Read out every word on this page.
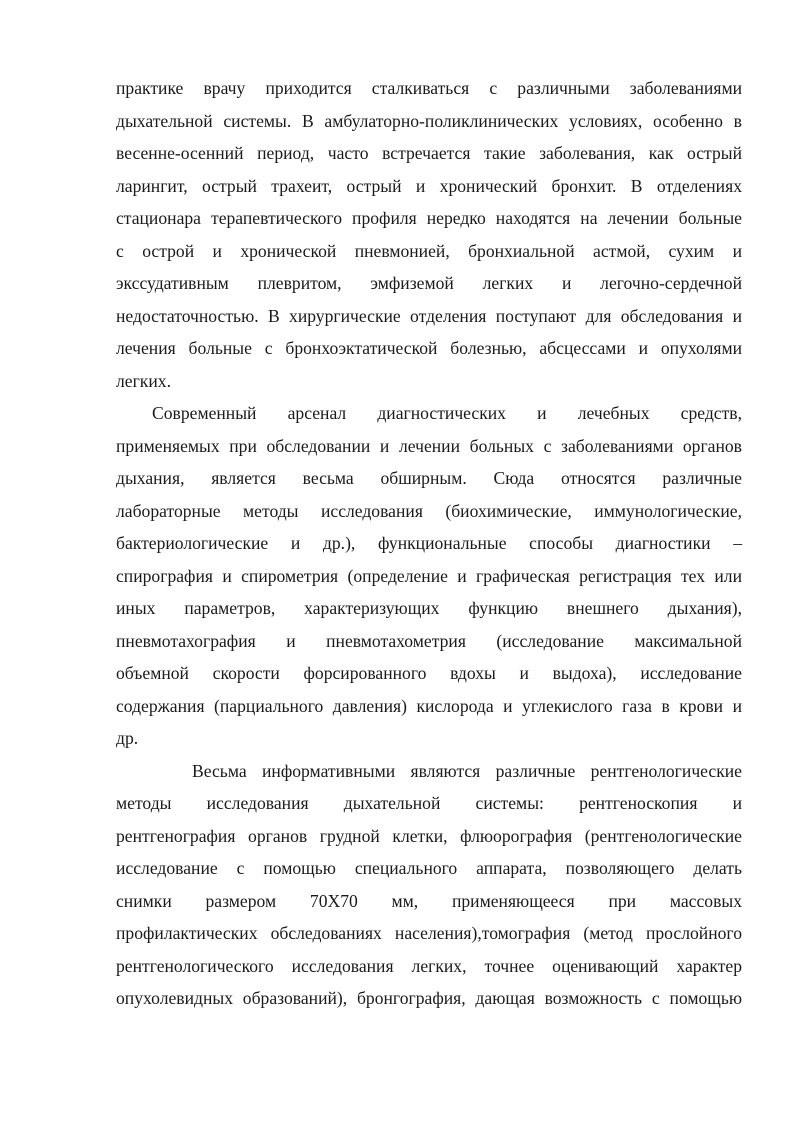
практике врачу приходится сталкиваться с различными заболеваниями
дыхательной системы. В амбулаторно-поликлинических условиях, особенно в
весенне-осенний период, часто встречается такие заболевания, как острый
ларингит, острый трахеит, острый и хронический бронхит. В отделениях
стационара терапевтического профиля нередко находятся на лечении больные
с острой и хронической пневмонией, бронхиальной астмой, сухим и
экссудативным плевритом, эмфиземой легких и легочно-сердечной
недостаточностью. В хирургические отделения поступают для обследования и
лечения больные с бронхоэктатической болезнью, абсцессами и опухолями
легких.
Современный арсенал диагностических и лечебных средств,
применяемых при обследовании и лечении больных с заболеваниями органов
дыхания, является весьма обширным. Сюда относятся различные
лабораторные методы исследования (биохимические, иммунологические,
бактериологические и др.), функциональные способы диагностики –
спирография и спирометрия (определение и графическая регистрация тех или
иных параметров, характеризующих функцию внешнего дыхания),
пневмотахография и пневмотахометрия (исследование максимальной
объемной скорости форсированного вдохы и выдоха), исследование
содержания (парциального давления) кислорода и углекислого газа в крови и
др.
Весьма информативными являются различные рентгенологические
методы исследования дыхательной системы: рентгеноскопия и
рентгенография органов грудной клетки, флюорография (рентгенологические
исследование с помощью специального аппарата, позволяющего делать
снимки размером 70Х70 мм, применяющееся при массовых
профилактических обследованиях населения),томография (метод прослойного
рентгенологического исследования легких, точнее оценивающий характер
опухолевидных образований), бронгография, дающая возможность с помощью
